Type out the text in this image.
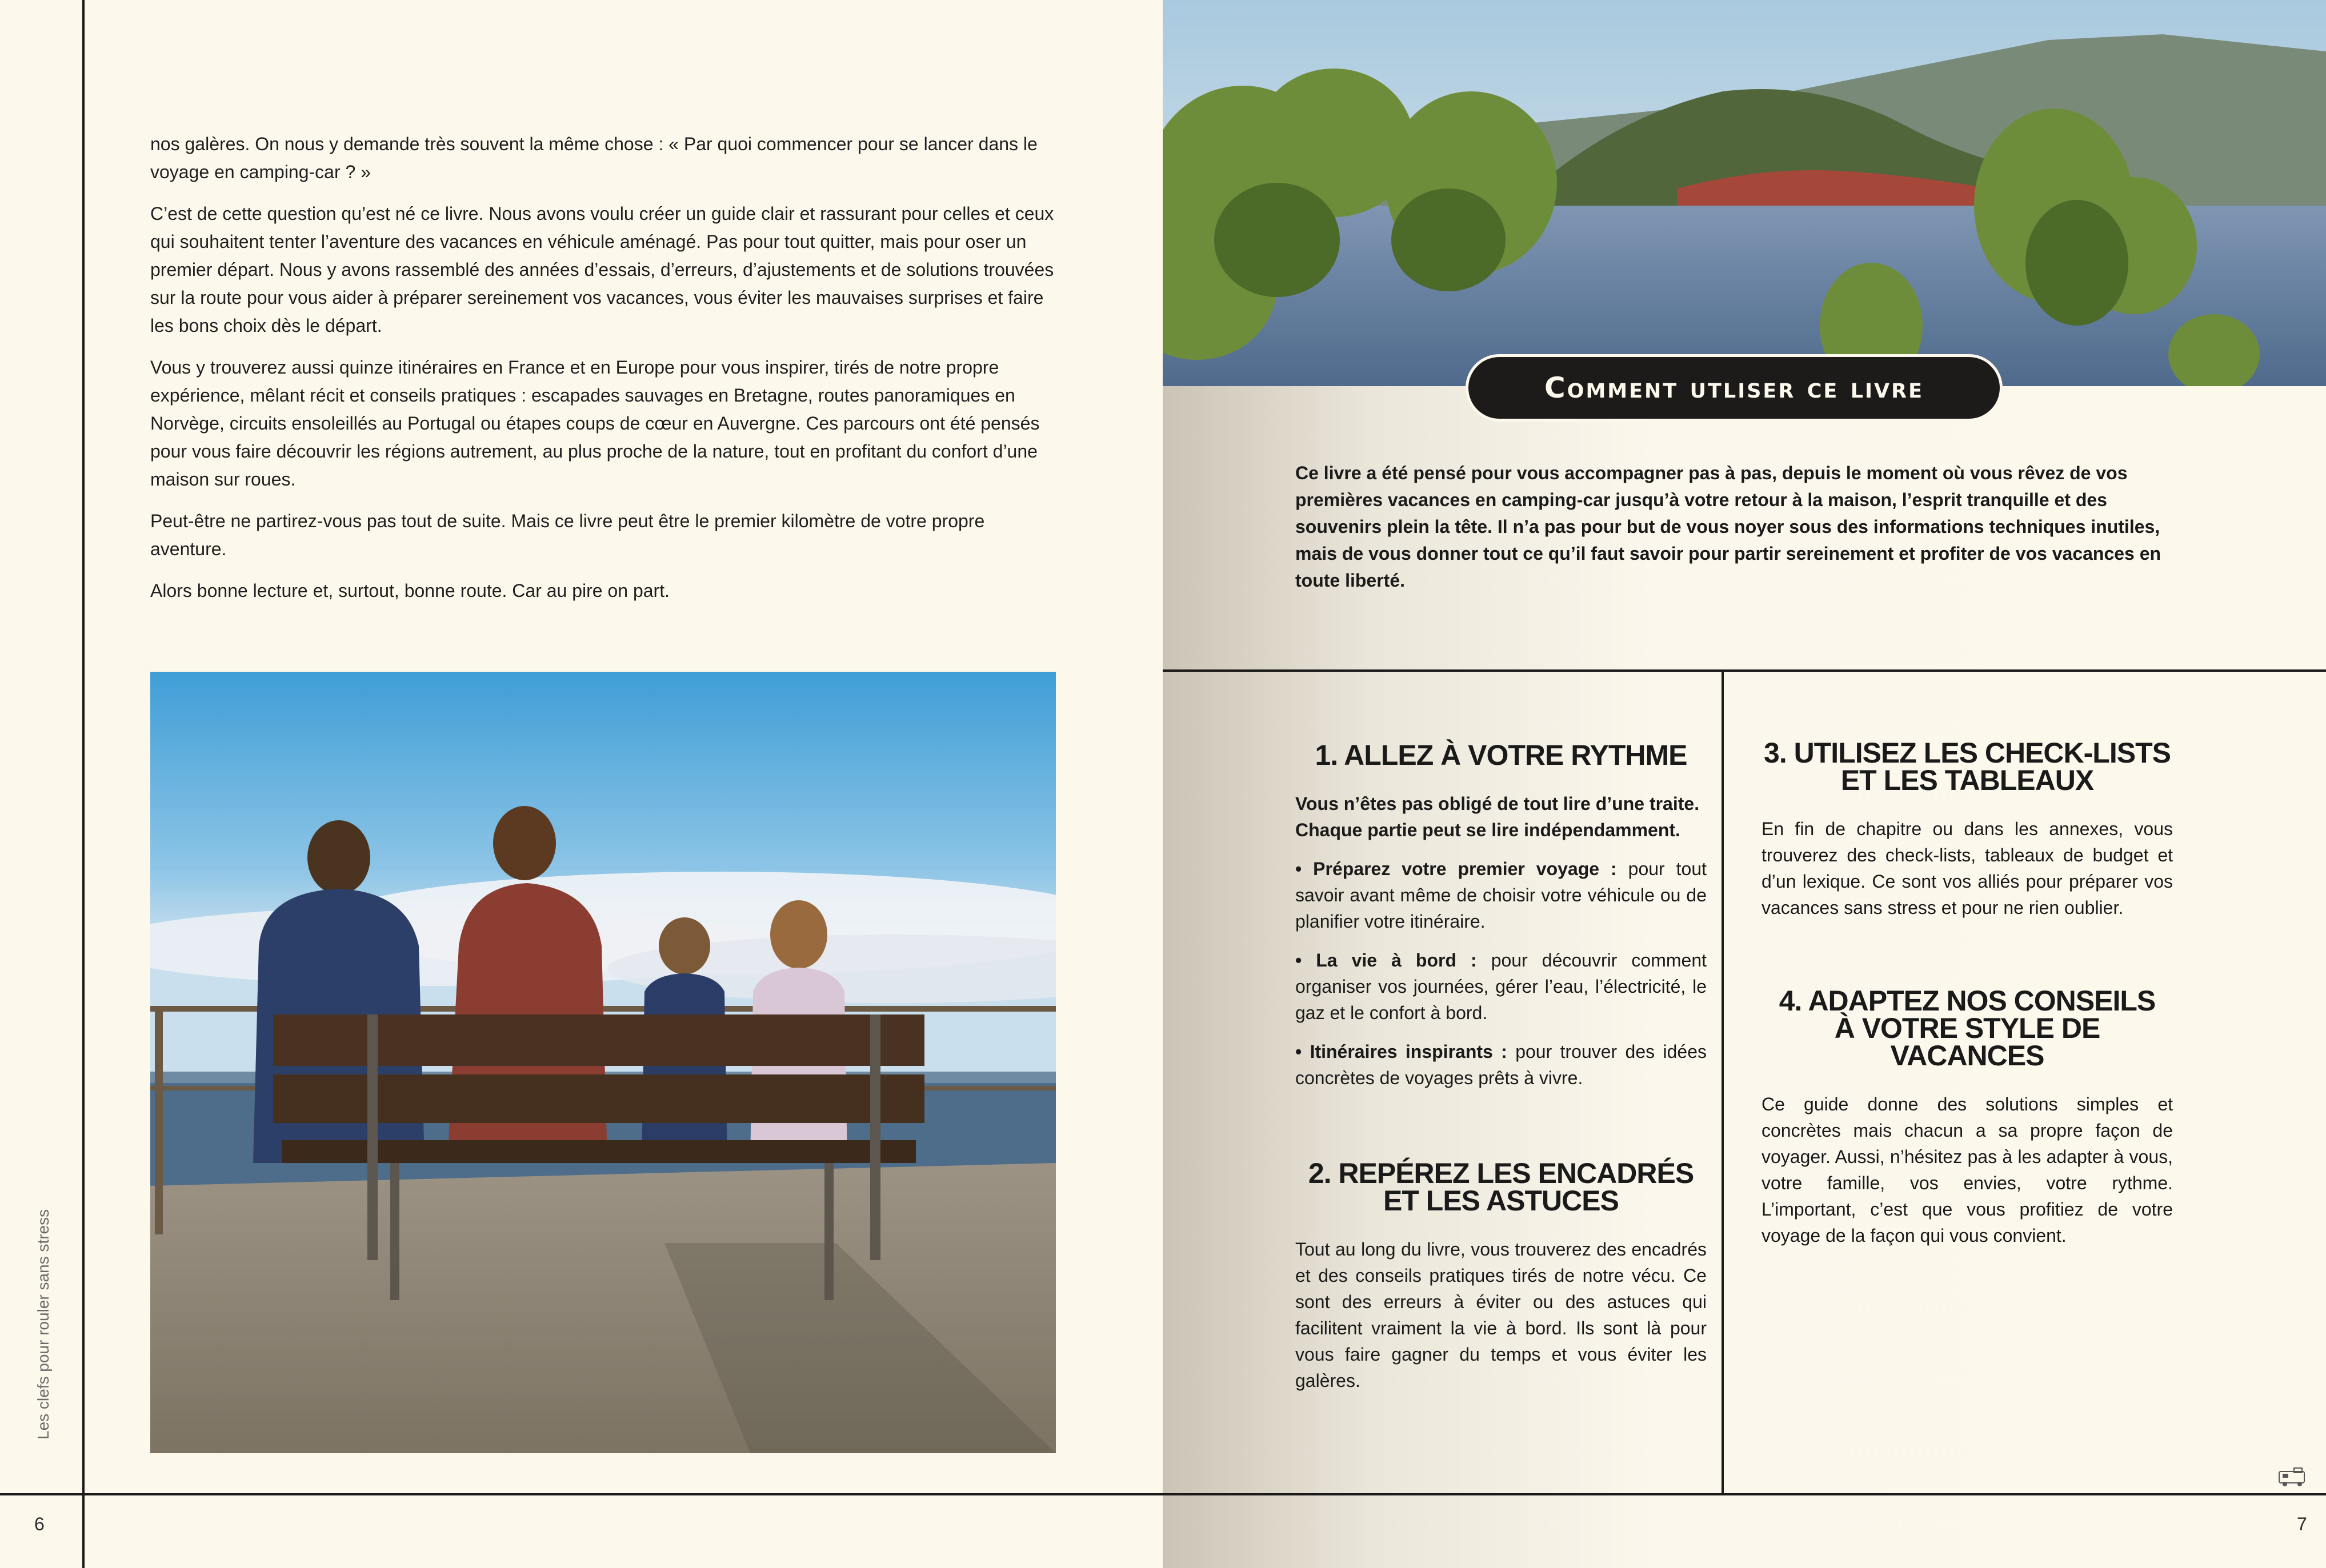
Les clefs pour rouler sans stress

nos galères. On nous y demande très souvent la même chose : « Par quoi commencer pour se lancer dans le voyage en camping-car ? »

C’est de cette question qu’est né ce livre. Nous avons voulu créer un guide clair et rassurant pour celles et ceux qui souhaitent tenter l’aventure des vacances en véhicule aménagé. Pas pour tout quitter, mais pour oser un premier départ. Nous y avons rassemblé des années d’essais, d’erreurs, d’ajustements et de solutions trouvées sur la route pour vous aider à préparer sereinement vos vacances, vous éviter les mauvaises surprises et faire les bons choix dès le départ.

Vous y trouverez aussi quinze itinéraires en France et en Europe pour vous inspirer, tirés de notre propre expérience, mêlant récit et conseils pratiques : escapades sauvages en Bretagne, routes panoramiques en Norvège, circuits ensoleillés au Portugal ou étapes coups de cœur en Auvergne. Ces parcours ont été pensés pour vous faire découvrir les régions autrement, au plus proche de la nature, tout en profitant du confort d’une maison sur roues.

Peut-être ne partirez-vous pas tout de suite. Mais ce livre peut être le premier kilomètre de votre propre aventure.

Alors bonne lecture et, surtout, bonne route. Car au pire on part.

6
Comment utliser ce livre
Ce livre a été pensé pour vous accompagner pas à pas, depuis le moment où vous rêvez de vos premières vacances en camping-car jusqu’à votre retour à la maison, l’esprit tranquille et des souvenirs plein la tête. Il n’a pas pour but de vous noyer sous des informations techniques inutiles, mais de vous donner tout ce qu’il faut savoir pour partir sereinement et profiter de vos vacances en toute liberté.
1. ALLEZ À VOTRE RYTHME

Vous n’êtes pas obligé de tout lire d’une traite. Chaque partie peut se lire indépendamment.

• Préparez votre premier voyage : pour tout savoir avant même de choisir votre véhicule ou de planifier votre itinéraire.

• La vie à bord : pour découvrir comment organiser vos journées, gérer l’eau, l’électricité, le gaz et le confort à bord.

• Itinéraires inspirants : pour trouver des idées concrètes de voyages prêts à vivre.

2. REPÉREZ LES ENCADRÉS
ET LES ASTUCES

Tout au long du livre, vous trouverez des encadrés et des conseils pratiques tirés de notre vécu. Ce sont des erreurs à éviter ou des astuces qui facilitent vraiment la vie à bord. Ils sont là pour vous faire gagner du temps et vous éviter les galères.

3. UTILISEZ LES CHECK-LISTS
ET LES TABLEAUX

En fin de chapitre ou dans les annexes, vous trouverez des check-lists, tableaux de budget et d’un lexique. Ce sont vos alliés pour préparer vos vacances sans stress et pour ne rien oublier.

4. ADAPTEZ NOS CONSEILS
À VOTRE STYLE DE VACANCES

Ce guide donne des solutions simples et concrètes mais chacun a sa propre façon de voyager. Aussi, n’hésitez pas à les adapter à vous, votre famille, vos envies, votre rythme. L’important, c’est que vous profitiez de votre voyage de la façon qui vous convient.

7
